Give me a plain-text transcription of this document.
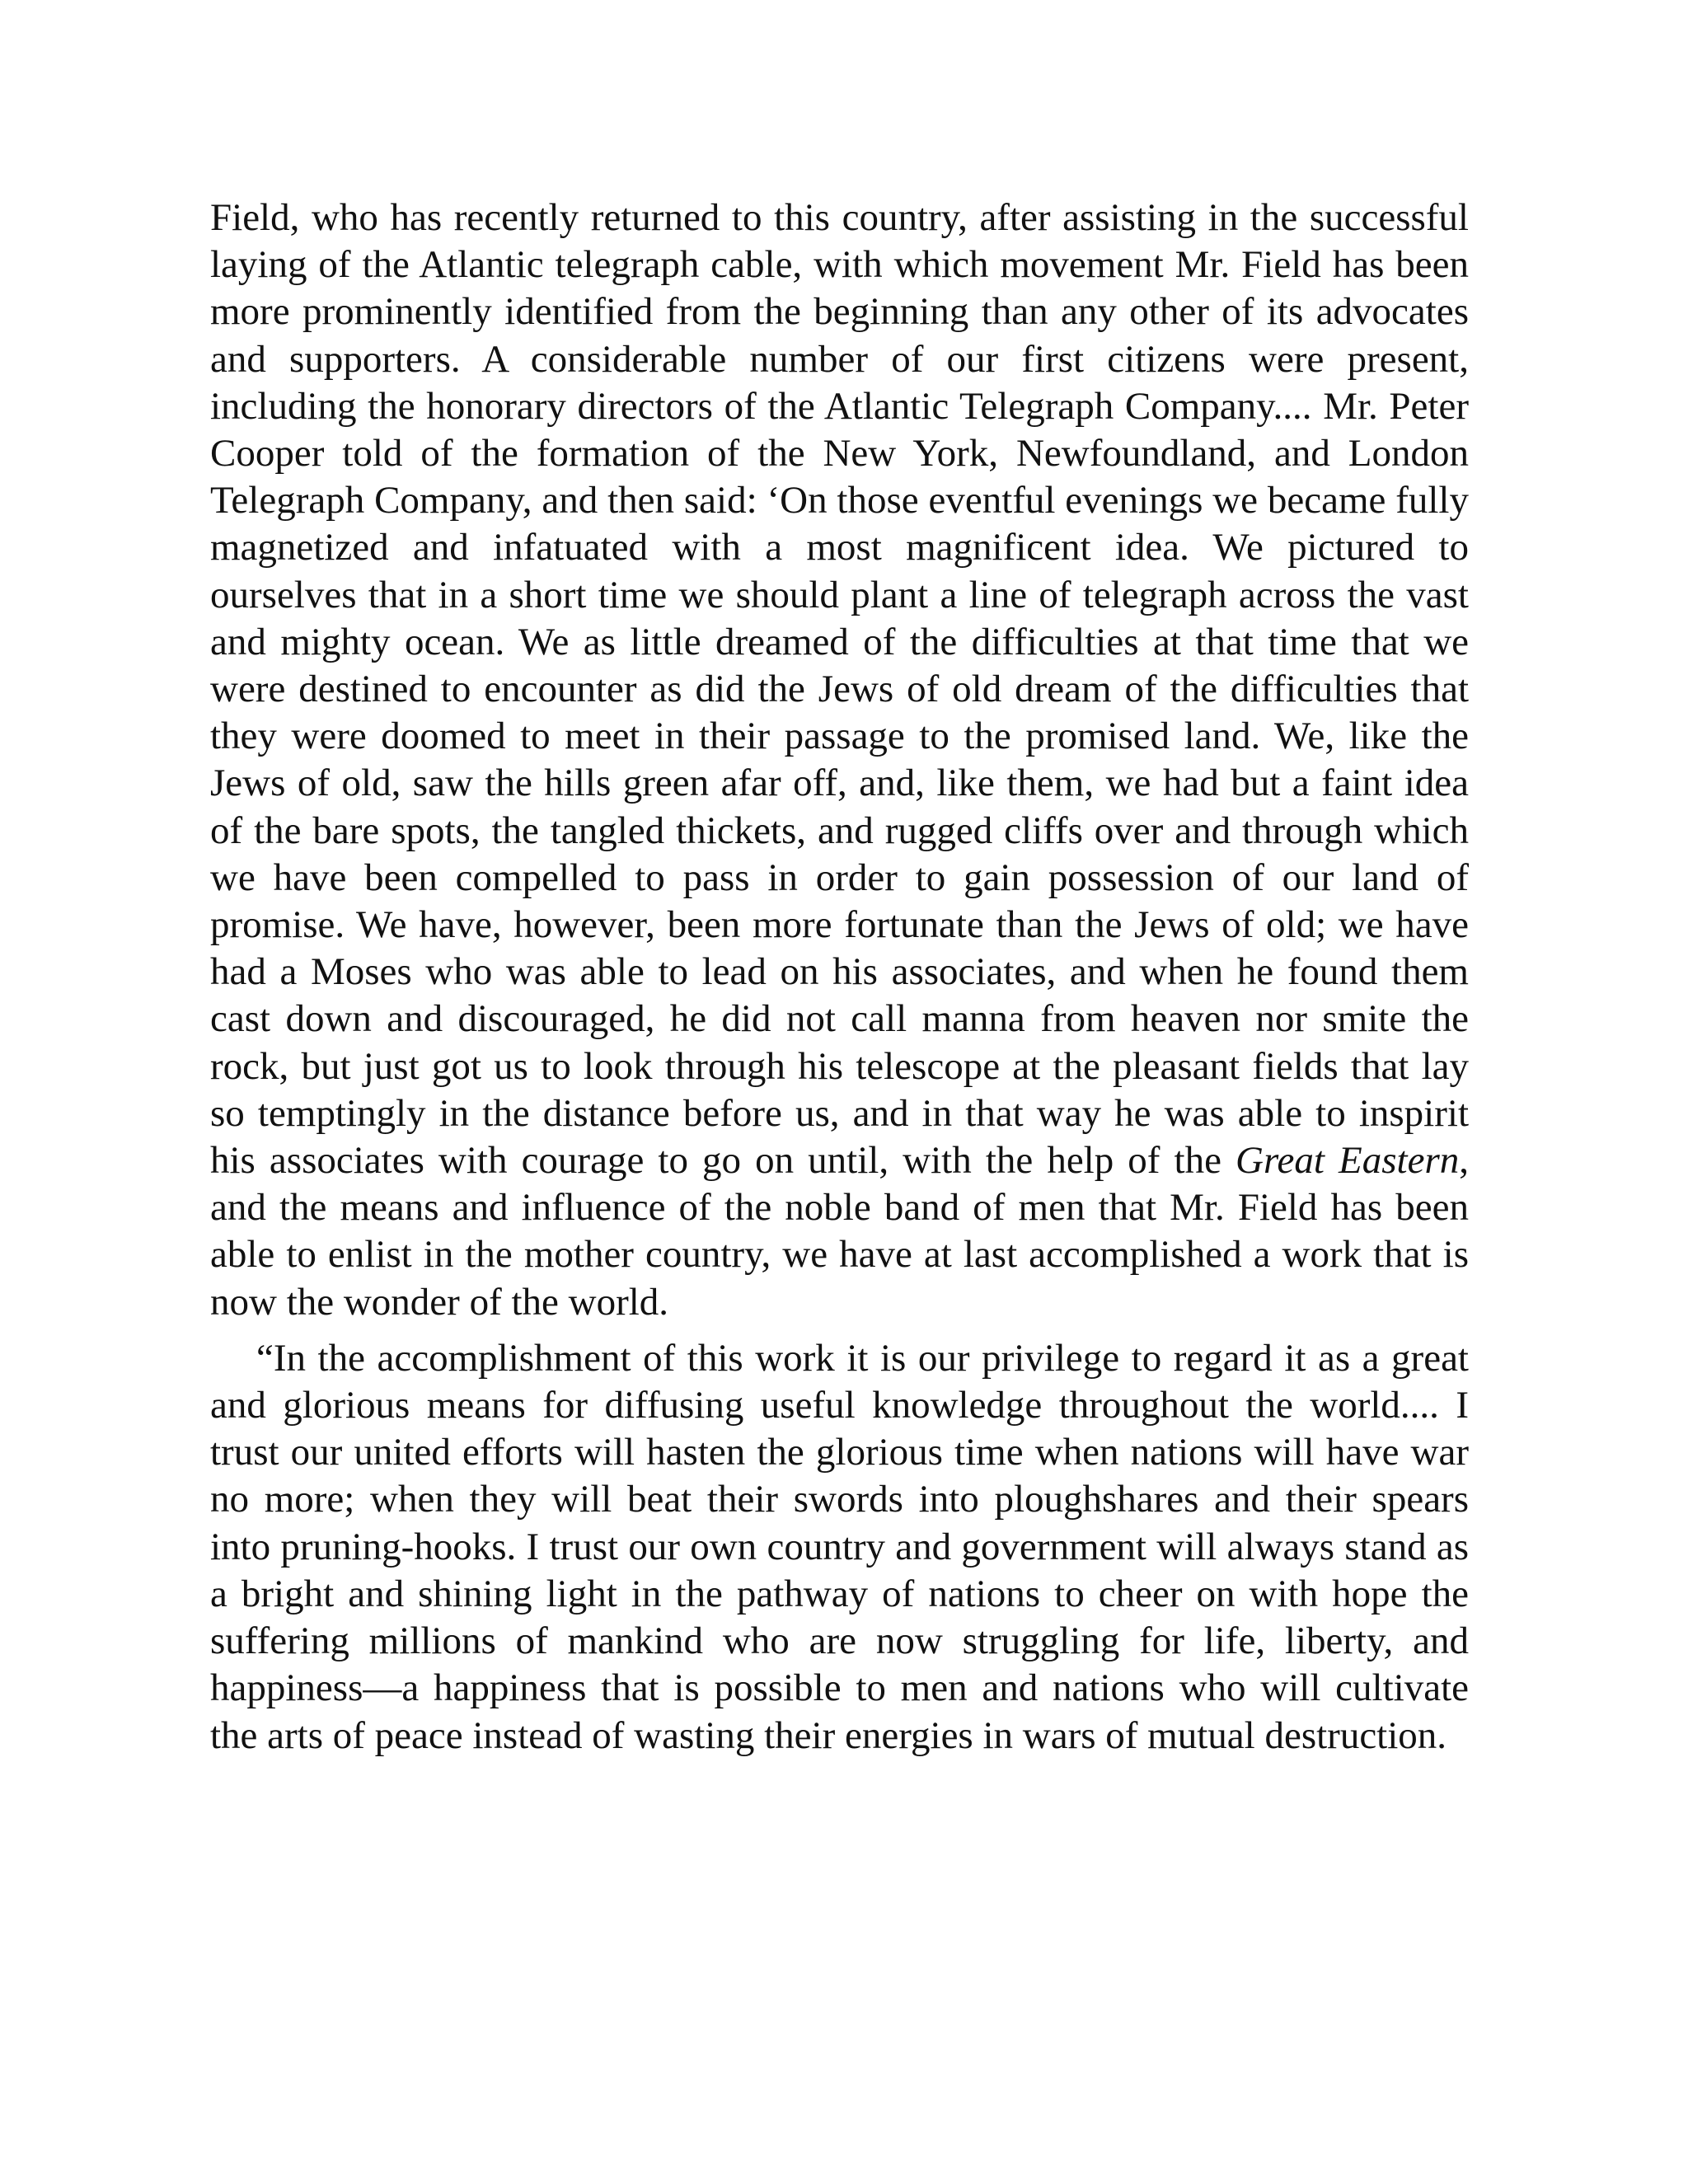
Field, who has recently returned to this country, after assisting in the successful laying of the Atlantic telegraph cable, with which movement Mr. Field has been more prominently identified from the beginning than any other of its advocates and supporters. A considerable number of our first citizens were present, including the honorary directors of the Atlantic Telegraph Company.... Mr. Peter Cooper told of the formation of the New York, Newfoundland, and London Telegraph Company, and then said: ‘On those eventful evenings we became fully magnetized and infatuated with a most magnificent idea. We pictured to ourselves that in a short time we should plant a line of telegraph across the vast and mighty ocean. We as little dreamed of the difficulties at that time that we were destined to encounter as did the Jews of old dream of the difficulties that they were doomed to meet in their passage to the promised land. We, like the Jews of old, saw the hills green afar off, and, like them, we had but a faint idea of the bare spots, the tangled thickets, and rugged cliffs over and through which we have been compelled to pass in order to gain possession of our land of promise. We have, however, been more fortunate than the Jews of old; we have had a Moses who was able to lead on his associates, and when he found them cast down and discouraged, he did not call manna from heaven nor smite the rock, but just got us to look through his telescope at the pleasant fields that lay so temptingly in the distance before us, and in that way he was able to inspirit his associates with courage to go on until, with the help of the Great Eastern, and the means and influence of the noble band of men that Mr. Field has been able to enlist in the mother country, we have at last accomplished a work that is now the wonder of the world.

“In the accomplishment of this work it is our privilege to regard it as a great and glorious means for diffusing useful knowledge throughout the world.... I trust our united efforts will hasten the glorious time when nations will have war no more; when they will beat their swords into ploughshares and their spears into pruning-hooks. I trust our own country and government will always stand as a bright and shining light in the pathway of nations to cheer on with hope the suffering millions of mankind who are now struggling for life, liberty, and happiness—a happiness that is possible to men and nations who will cultivate the arts of peace instead of wasting their energies in wars of mutual destruction.
